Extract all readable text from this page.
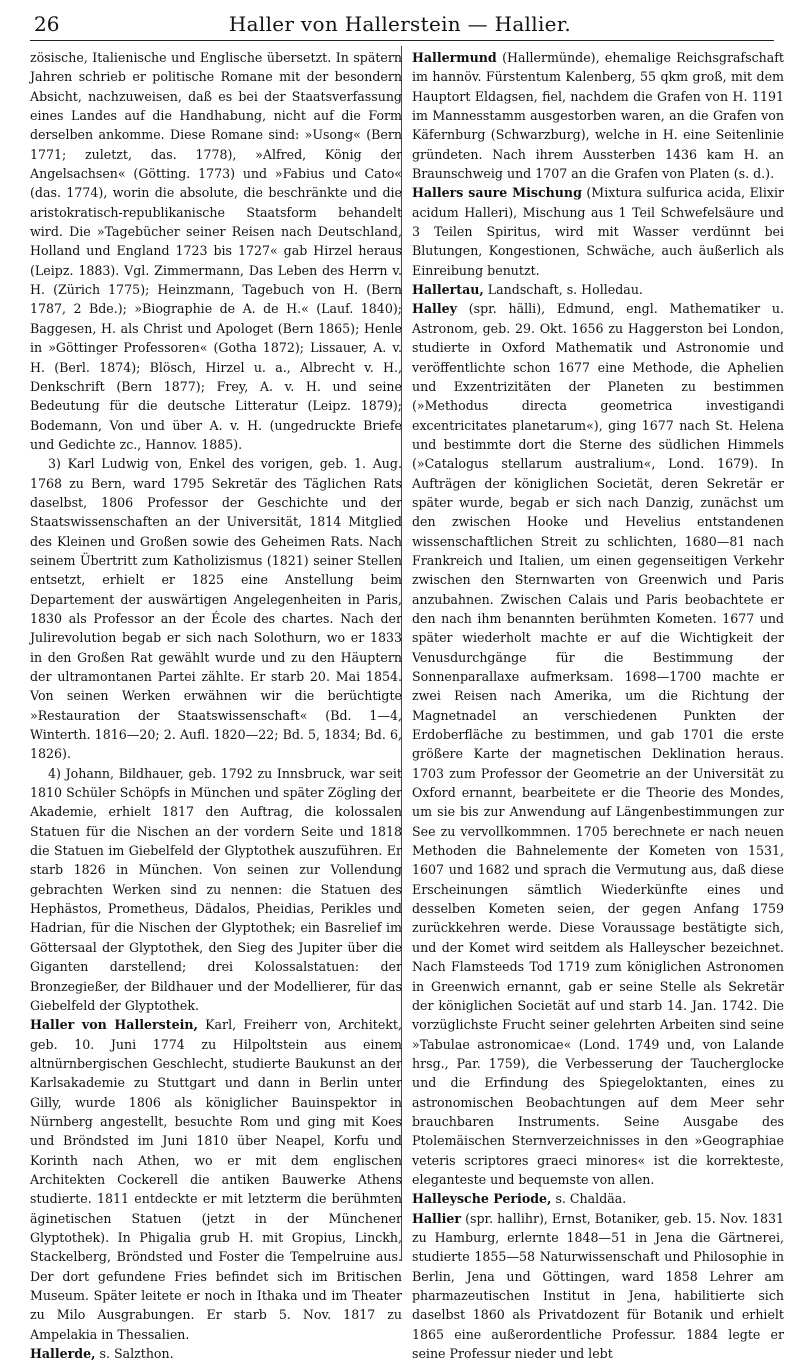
26	Haller von Hallerstein — Hallier.

zösische, Italienische und Englische übersetzt. In spätern Jahren schrieb er politische Romane mit der besondern Absicht, nachzuweisen, daß es bei der Staatsverfassung eines Landes auf die Handhabung, nicht auf die Form derselben ankomme. Diese Romane sind: »Usong« (Bern 1771; zuletzt, das. 1778), »Alfred, König der Angelsachsen« (Götting. 1773) und »Fabius und Cato« (das. 1774), worin die absolute, die beschränkte und die aristokratisch-republikanische Staatsform behandelt wird. Die »Tagebücher seiner Reisen nach Deutschland, Holland und England 1723 bis 1727« gab Hirzel heraus (Leipz. 1883). Vgl. Zimmermann, Das Leben des Herrn v. H. (Zürich 1775); Heinzmann, Tagebuch von H. (Bern 1787, 2 Bde.); »Biographie de A. de H.« (Lauf. 1840); Baggesen, H. als Christ und Apologet (Bern 1865); Henle in »Göttinger Professoren« (Gotha 1872); Lissauer, A. v. H. (Berl. 1874); Blösch, Hirzel u. a., Albrecht v. H., Denkschrift (Bern 1877); Frey, A. v. H. und seine Bedeutung für die deutsche Litteratur (Leipz. 1879); Bodemann, Von und über A. v. H. (ungedruckte Briefe und Gedichte zc., Hannov. 1885).

3) Karl Ludwig von, Enkel des vorigen, geb. 1. Aug. 1768 zu Bern, ward 1795 Sekretär des Täglichen Rats daselbst, 1806 Professor der Geschichte und der Staatswissenschaften an der Universität, 1814 Mitglied des Kleinen und Großen sowie des Geheimen Rats. Nach seinem Übertritt zum Katholizismus (1821) seiner Stellen entsetzt, erhielt er 1825 eine Anstellung beim Departement der auswärtigen Angelegenheiten in Paris, 1830 als Professor an der École des chartes. Nach der Julirevolution begab er sich nach Solothurn, wo er 1833 in den Großen Rat gewählt wurde und zu den Häuptern der ultramontanen Partei zählte. Er starb 20. Mai 1854. Von seinen Werken erwähnen wir die berüchtigte »Restauration der Staatswissenschaft« (Bd. 1—4, Winterth. 1816—20; 2. Aufl. 1820—22; Bd. 5, 1834; Bd. 6, 1826).

4) Johann, Bildhauer, geb. 1792 zu Innsbruck, war seit 1810 Schüler Schöpfs in München und später Zögling der Akademie, erhielt 1817 den Auftrag, die kolossalen Statuen für die Nischen an der vordern Seite und 1818 die Statuen im Giebelfeld der Glyptothek auszuführen. Er starb 1826 in München. Von seinen zur Vollendung gebrachten Werken sind zu nennen: die Statuen des Hephästos, Prometheus, Dädalos, Pheidias, Perikles und Hadrian, für die Nischen der Glyptothek; ein Basrelief im Göttersaal der Glyptothek, den Sieg des Jupiter über die Giganten darstellend; drei Kolossalstatuen: der Bronzegießer, der Bildhauer und der Modellierer, für das Giebelfeld der Glyptothek.

Haller von Hallerstein, Karl, Freiherr von, Architekt, geb. 10. Juni 1774 zu Hilpoltstein aus einem altnürnbergischen Geschlecht, studierte Baukunst an der Karlsakademie zu Stuttgart und dann in Berlin unter Gilly, wurde 1806 als königlicher Bauinspektor in Nürnberg angestellt, besuchte Rom und ging mit Koes und Bröndsted im Juni 1810 über Neapel, Korfu und Korinth nach Athen, wo er mit dem englischen Architekten Cockerell die antiken Bauwerke Athens studierte. 1811 entdeckte er mit letzterm die berühmten äginetischen Statuen (jetzt in der Münchener Glyptothek). In Phigalia grub H. mit Gropius, Linckh, Stackelberg, Bröndsted und Foster die Tempelruine aus. Der dort gefundene Fries befindet sich im Britischen Museum. Später leitete er noch in Ithaka und im Theater zu Milo Ausgrabungen. Er starb 5. Nov. 1817 zu Ampelakia in Thessalien.

Hallerde, s. Salzthon.

Hallermund (Hallermünde), ehemalige Reichsgrafschaft im hannöv. Fürstentum Kalenberg, 55 qkm groß, mit dem Hauptort Eldagsen, fiel, nachdem die Grafen von H. 1191 im Mannesstamm ausgestorben waren, an die Grafen von Käfernburg (Schwarzburg), welche in H. eine Seitenlinie gründeten. Nach ihrem Aussterben 1436 kam H. an Braunschweig und 1707 an die Grafen von Platen (s. d.).

Hallers saure Mischung (Mixtura sulfurica acida, Elixir acidum Halleri), Mischung aus 1 Teil Schwefelsäure und 3 Teilen Spiritus, wird mit Wasser verdünnt bei Blutungen, Kongestionen, Schwäche, auch äußerlich als Einreibung benutzt.

Hallertau, Landschaft, s. Holledau.

Halley (spr. hälli), Edmund, engl. Mathematiker u. Astronom, geb. 29. Okt. 1656 zu Haggerston bei London, studierte in Oxford Mathematik und Astronomie und veröffentlichte schon 1677 eine Methode, die Aphelien und Exzentrizitäten der Planeten zu bestimmen (»Methodus directa geometrica investigandi excentricitates planetarum«), ging 1677 nach St. Helena und bestimmte dort die Sterne des südlichen Himmels (»Catalogus stellarum australium«, Lond. 1679). In Aufträgen der königlichen Societät, deren Sekretär er später wurde, begab er sich nach Danzig, zunächst um den zwischen Hooke und Hevelius entstandenen wissenschaftlichen Streit zu schlichten, 1680—81 nach Frankreich und Italien, um einen gegenseitigen Verkehr zwischen den Sternwarten von Greenwich und Paris anzubahnen. Zwischen Calais und Paris beobachtete er den nach ihm benannten berühmten Kometen. 1677 und später wiederholt machte er auf die Wichtigkeit der Venusdurchgänge für die Bestimmung der Sonnenparallaxe aufmerksam. 1698—1700 machte er zwei Reisen nach Amerika, um die Richtung der Magnetnadel an verschiedenen Punkten der Erdoberfläche zu bestimmen, und gab 1701 die erste größere Karte der magnetischen Deklination heraus. 1703 zum Professor der Geometrie an der Universität zu Oxford ernannt, bearbeitete er die Theorie des Mondes, um sie bis zur Anwendung auf Längenbestimmungen zur See zu vervollkommnen. 1705 berechnete er nach neuen Methoden die Bahnelemente der Kometen von 1531, 1607 und 1682 und sprach die Vermutung aus, daß diese Erscheinungen sämtlich Wiederkünfte eines und desselben Kometen seien, der gegen Anfang 1759 zurückkehren werde. Diese Voraussage bestätigte sich, und der Komet wird seitdem als Halleyscher bezeichnet. Nach Flamsteeds Tod 1719 zum königlichen Astronomen in Greenwich ernannt, gab er seine Stelle als Sekretär der königlichen Societät auf und starb 14. Jan. 1742. Die vorzüglichste Frucht seiner gelehrten Arbeiten sind seine »Tabulae astronomicae« (Lond. 1749 und, von Lalande hrsg., Par. 1759), die Verbesserung der Taucherglocke und die Erfindung des Spiegeloktanten, eines zu astronomischen Beobachtungen auf dem Meer sehr brauchbaren Instruments. Seine Ausgabe des Ptolemäischen Sternverzeichnisses in den »Geographiae veteris scriptores graeci minores« ist die korrekteste, eleganteste und bequemste von allen.

Halleysche Periode, s. Chaldäa.

Hallier (spr. hallihr), Ernst, Botaniker, geb. 15. Nov. 1831 zu Hamburg, erlernte 1848—51 in Jena die Gärtnerei, studierte 1855—58 Naturwissenschaft und Philosophie in Berlin, Jena und Göttingen, ward 1858 Lehrer am pharmazeutischen Institut in Jena, habilitierte sich daselbst 1860 als Privatdozent für Botanik und erhielt 1865 eine außerordentliche Professur. 1884 legte er seine Professur nieder und lebt
